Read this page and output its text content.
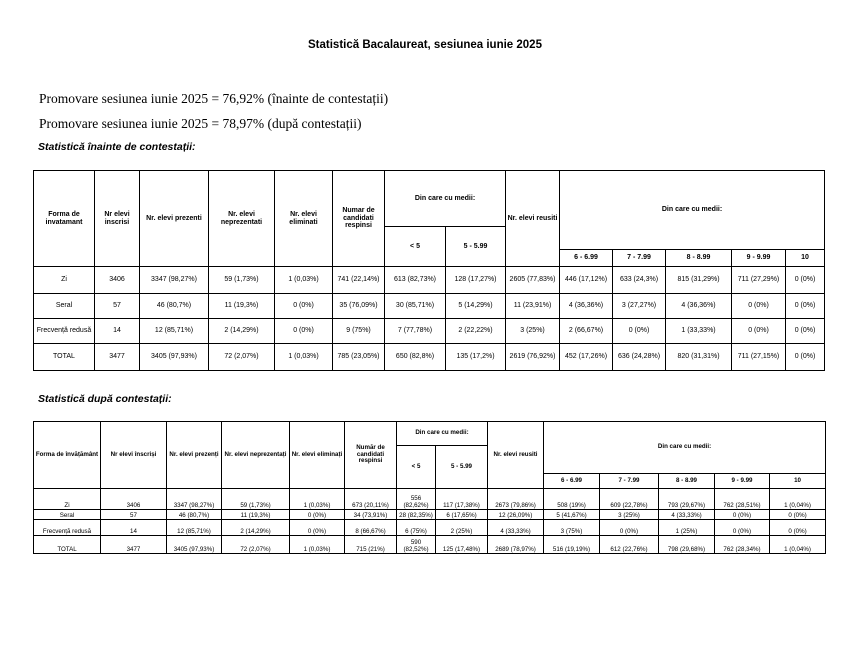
Statistică Bacalaureat, sesiunea iunie 2025
Promovare sesiunea iunie 2025 = 76,92% (înainte de contestații)
Promovare sesiunea iunie 2025 = 78,97% (după contestații)
Statistică înainte de contestații:
Forma de invatamant	Nr elevi inscrisi	Nr. elevi prezenti	Nr. elevi neprezentati	Nr. elevi eliminati	Numar de candidati respinsi	Din care cu medii:		Nr. elevi reusiti	Din care cu medii:				
						< 5	5 - 5.99						
									6 - 6.99	7 - 7.99	8 - 8.99	9 - 9.99	10
Zi	3406	3347 (98,27%)	59 (1,73%)	1 (0,03%)	741 (22,14%)	613 (82,73%)	128 (17,27%)	2605 (77,83%)	446 (17,12%)	633 (24,3%)	815 (31,29%)	711 (27,29%)	0 (0%)
Seral	57	46 (80,7%)	11 (19,3%)	0 (0%)	35 (76,09%)	30 (85,71%)	5 (14,29%)	11 (23,91%)	4 (36,36%)	3 (27,27%)	4 (36,36%)	0 (0%)	0 (0%)
Frecvență redusă	14	12 (85,71%)	2 (14,29%)	0 (0%)	9 (75%)	7 (77,78%)	2 (22,22%)	3 (25%)	2 (66,67%)	0 (0%)	1 (33,33%)	0 (0%)	0 (0%)
TOTAL	3477	3405 (97,93%)	72 (2,07%)	1 (0,03%)	785 (23,05%)	650 (82,8%)	135 (17,2%)	2619 (76,92%)	452 (17,26%)	636 (24,28%)	820 (31,31%)	711 (27,15%)	0 (0%)
Statistică după contestații:
Forma de învățământ	Nr elevi înscriși	Nr. elevi prezenți	Nr. elevi neprezentați	Nr. elevi eliminați	Număr de candidati respinsi	Din care cu medii:		Nr. elevi reusiti	Din care cu medii:				
						< 5	5 - 5.99						
									6 - 6.99	7 - 7.99	8 - 8.99	9 - 9.99	10
Zi	3406	3347 (98,27%)	59 (1,73%)	1 (0,03%)	673 (20,11%)	556 (82,62%)	117 (17,38%)	2673 (79,86%)	508 (19%)	609 (22,78%)	793 (29,67%)	762 (28,51%)	1 (0,04%)
Seral	57	46 (80,7%)	11 (19,3%)	0 (0%)	34 (73,91%)	28 (82,35%)	6 (17,65%)	12 (26,09%)	5 (41,67%)	3 (25%)	4 (33,33%)	0 (0%)	0 (0%)
Frecvență redusă	14	12 (85,71%)	2 (14,29%)	0 (0%)	8 (66,67%)	6 (75%)	2 (25%)	4 (33,33%)	3 (75%)	0 (0%)	1 (25%)	0 (0%)	0 (0%)
TOTAL	3477	3405 (97,93%)	72 (2,07%)	1 (0,03%)	715 (21%)	590 (82,52%)	125 (17,48%)	2689 (78,97%)	516 (19,19%)	612 (22,76%)	798 (29,68%)	762 (28,34%)	1 (0,04%)
